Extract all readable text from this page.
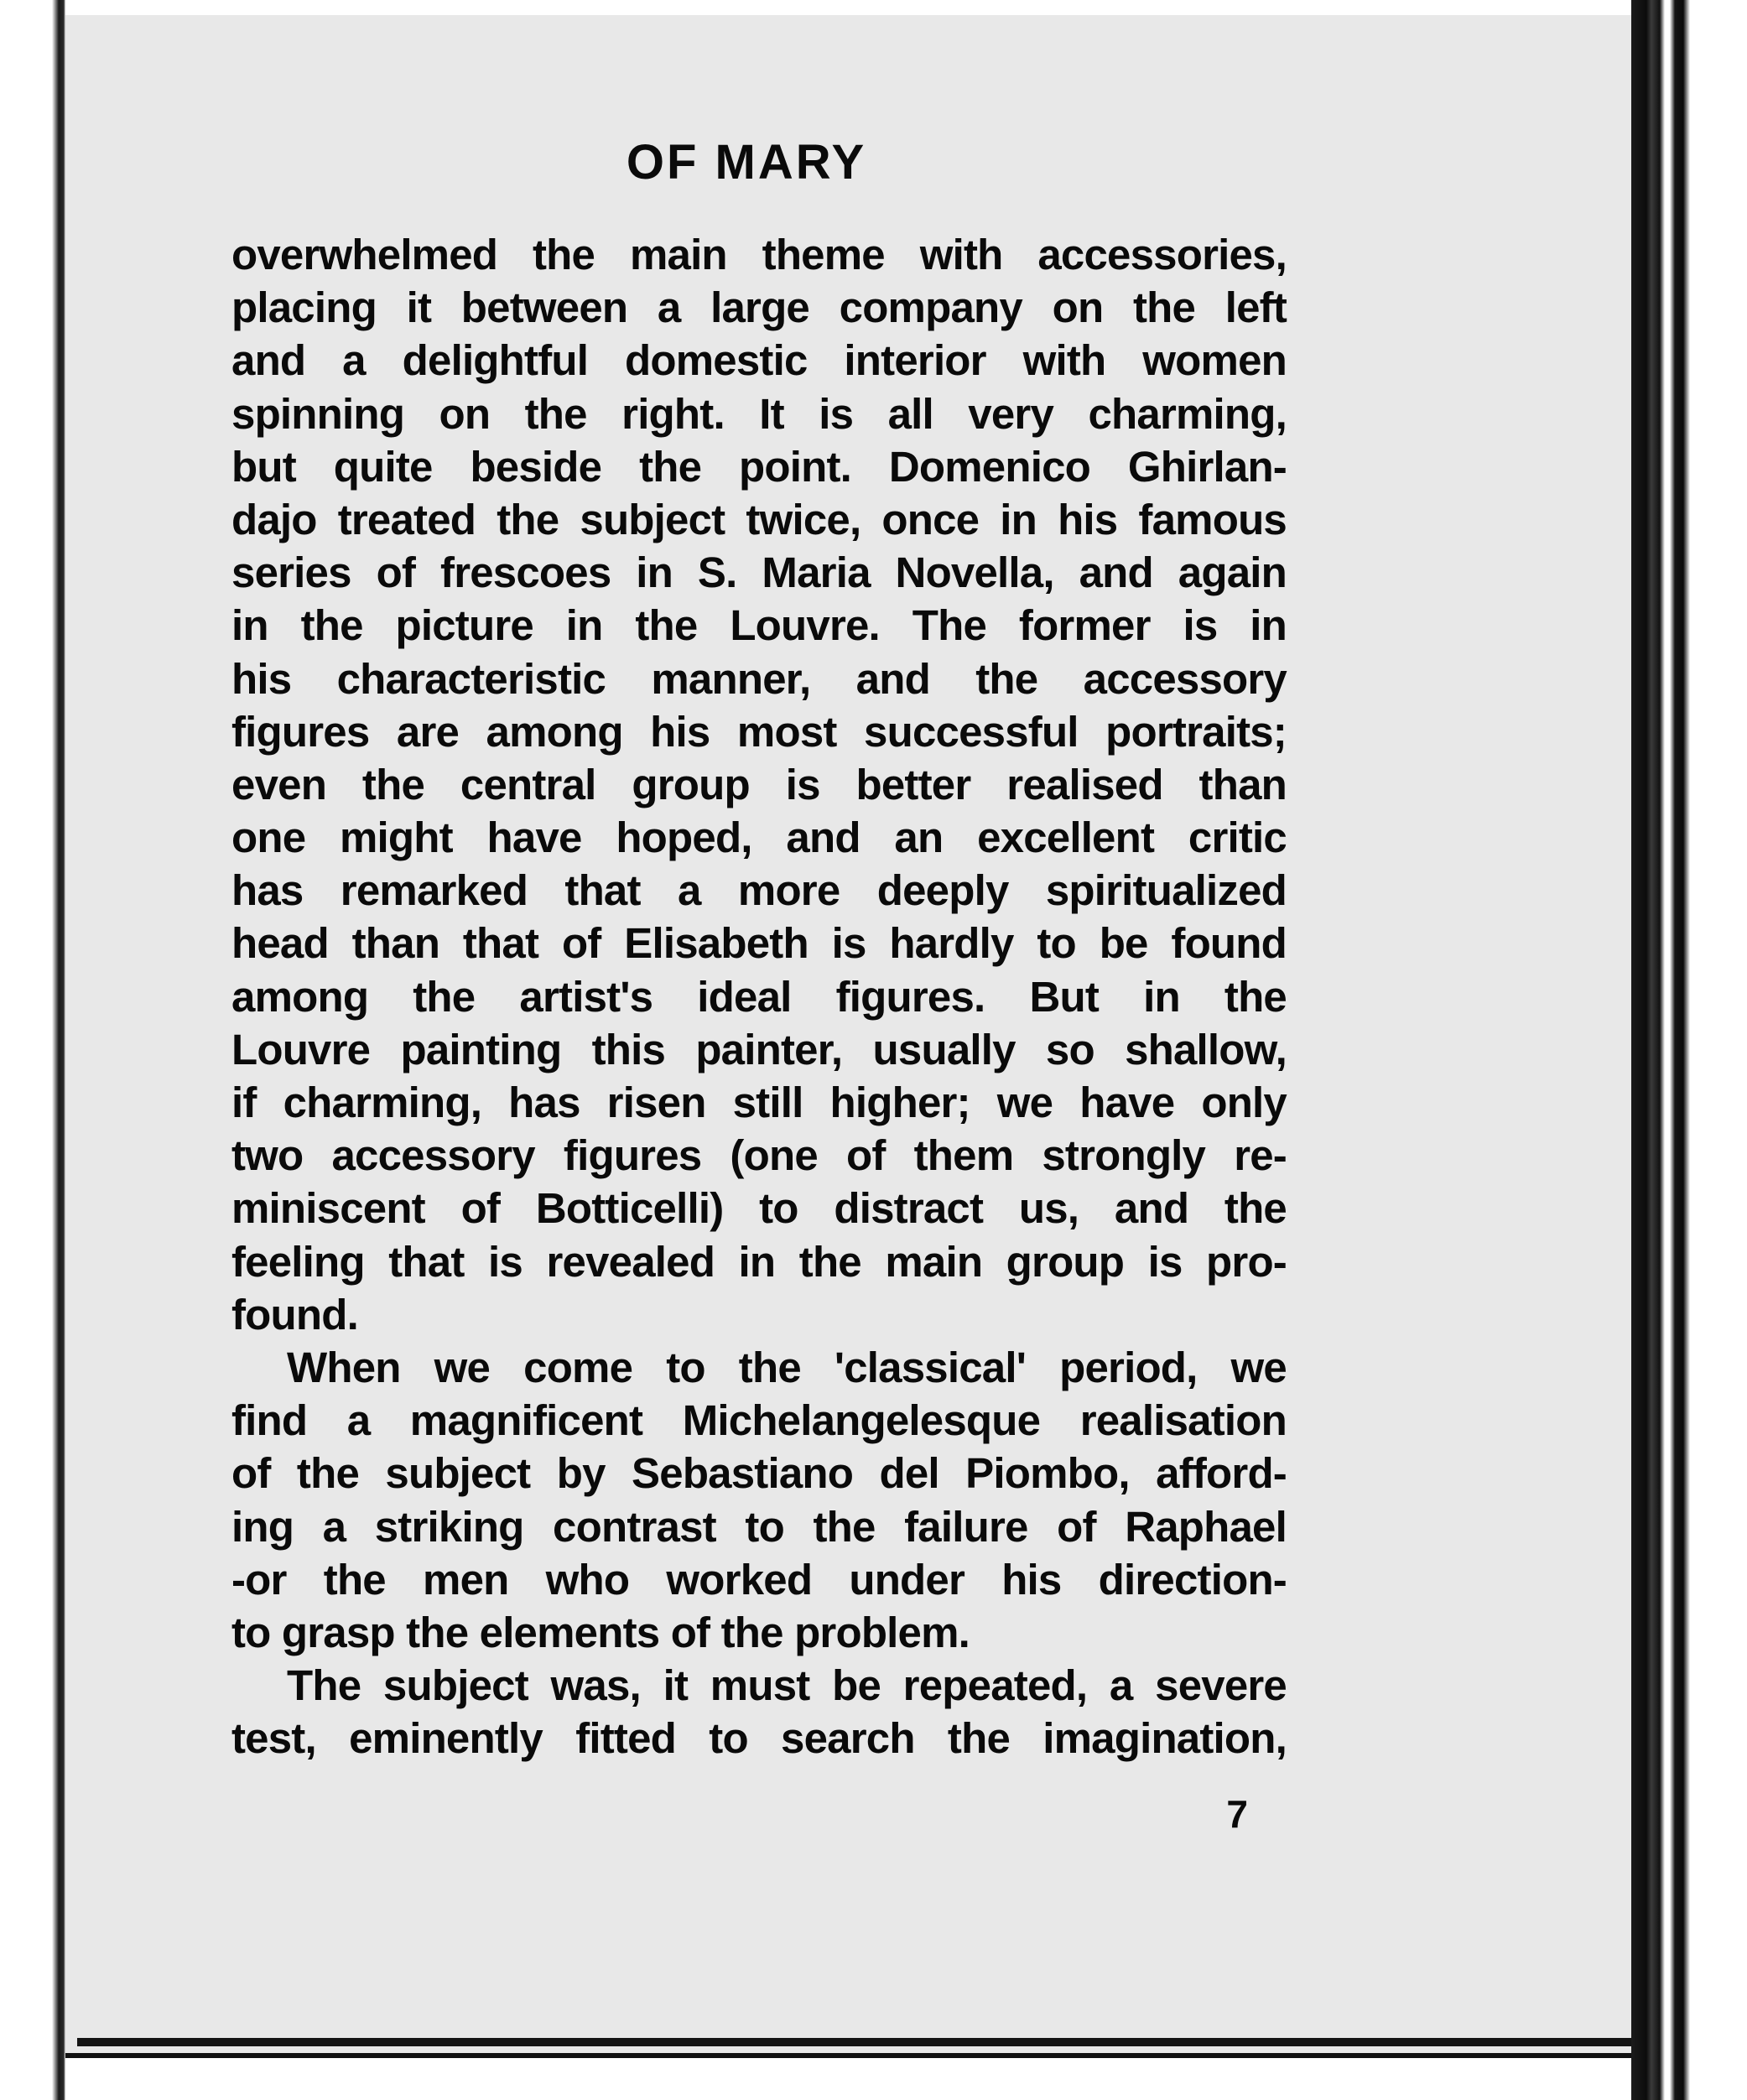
OF MARY
overwhelmed the main theme with accessories,
placing it between a large company on the left
and a delightful domestic interior with women
spinning on the right. It is all very charming,
but quite beside the point. Domenico Ghirlan-
dajo treated the subject twice, once in his famous
series of frescoes in S. Maria Novella, and again
in the picture in the Louvre. The former is in
his characteristic manner, and the accessory
figures are among his most successful portraits;
even the central group is better realised than
one might have hoped, and an excellent critic
has remarked that a more deeply spiritualized
head than that of Elisabeth is hardly to be found
among the artist's ideal figures. But in the
Louvre painting this painter, usually so shallow,
if charming, has risen still higher; we have only
two accessory figures (one of them strongly re-
miniscent of Botticelli) to distract us, and the
feeling that is revealed in the main group is pro-
found.
When we come to the 'classical' period, we
find a magnificent Michelangelesque realisation
of the subject by Sebastiano del Piombo, afford-
ing a striking contrast to the failure of Raphael
-or the men who worked under his direction-
to grasp the elements of the problem.
The subject was, it must be repeated, a severe
test, eminently fitted to search the imagination,
7
